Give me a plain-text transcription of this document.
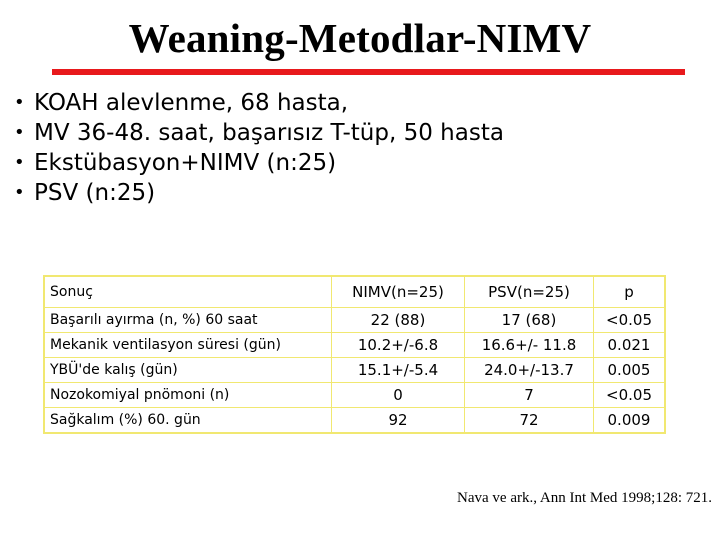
Weaning-Metodlar-NIMV
• KOAH alevlenme, 68 hasta,
• MV 36-48. saat, başarısız T-tüp, 50 hasta
• Ekstübasyon+NIMV (n:25)
• PSV (n:25)
Sonuç	NIMV(n=25)	PSV(n=25)	p
Başarılı ayırma (n, %) 60 saat	22 (88)	17 (68)	<0.05
Mekanik ventilasyon süresi (gün)	10.2+/-6.8	16.6+/- 11.8	0.021
YBÜ'de kalış (gün)	15.1+/-5.4	24.0+/-13.7	0.005
Nozokomiyal pnömoni (n)	0	7	<0.05
Sağkalım (%) 60. gün	92	72	0.009
Nava ve ark., Ann Int Med 1998;128: 721.
